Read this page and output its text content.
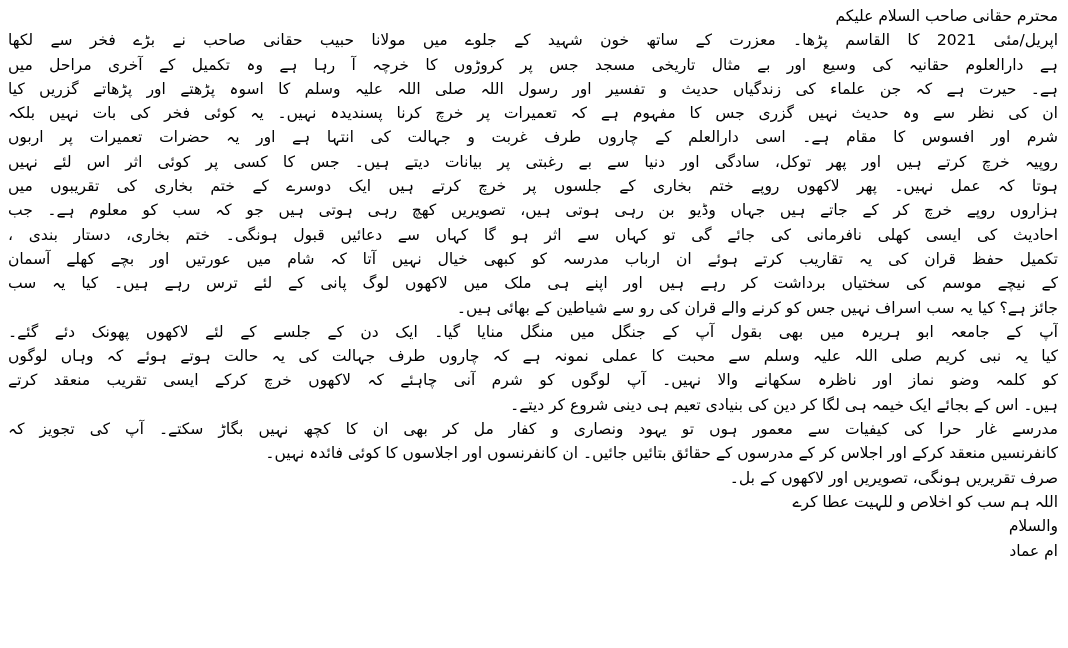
محترم حقانی صاحب السلام علیکم
اپریل/مئی 2021 کا القاسم پڑھا۔ معزرت کے ساتھ خون شہید کے جلوے میں مولانا حبیب حقانی صاحب نے بڑے فخر سے لکھا
ہے دارالعلوم حقانیہ کی وسیع اور بے مثال تاریخی مسجد جس پر کروڑوں کا خرچہ آ رہا ہے وہ تکمیل کے آخری مراحل میں
ہے۔ حیرت ہے کہ جن علماء کی زندگیاں حدیث و تفسیر اور رسول اللہ صلی اللہ علیہ وسلم کا اسوہ پڑھتے اور پڑھاتے گزریں کیا
ان کی نظر سے وہ حدیث نہیں گزری جس کا مفہوم ہے کہ تعمیرات پر خرچ کرنا پسندیدہ نہیں۔ یہ کوئی فخر کی بات نہیں بلکہ
شرم اور افسوس کا مقام ہے۔ اسی دارالعلم کے چاروں طرف غربت و جہالت کی انتہا ہے اور یہ حضرات تعمیرات پر اربوں
روپیہ خرچ کرتے ہیں اور پھر توکل، سادگی اور دنیا سے بے رغبتی پر بیانات دیتے ہیں۔ جس کا کسی پر کوئی اثر اس لئے نہیں
ہوتا کہ عمل نہیں۔ پھر لاکھوں روپے ختم بخاری کے جلسوں پر خرچ کرتے ہیں ایک دوسرے کے ختم بخاری کی تقریبوں میں
ہزاروں روپے خرچ کر کے جاتے ہیں جہاں وڈیو بن رہی ہوتی ہیں، تصویریں کھچ رہی ہوتی ہیں جو کہ سب کو معلوم ہے۔ جب
احادیث کی ایسی کھلی نافرمانی کی جائے گی تو کہاں سے اثر ہو گا کہاں سے دعائیں قبول ہونگی۔ ختم بخاری، دستار بندی ،
تکمیل حفظ قران کی یہ تقاریب کرتے ہوئے ان ارباب مدرسہ کو کبھی خیال نہیں آتا کہ شام میں عورتیں اور بچے کھلے آسمان
کے نیچے موسم کی سختیاں برداشت کر رہے ہیں اور اپنے ہی ملک میں لاکھوں لوگ پانی کے لئے ترس رہے ہیں۔ کیا یہ سب
جائز ہے؟ کیا یہ سب اسراف نہیں جس کو کرنے والے قران کی رو سے شیاطین کے بھائی ہیں۔
آپ کے جامعہ ابو ہریرہ میں بھی بقول آپ کے جنگل میں منگل منایا گیا۔ ایک دن کے جلسے کے لئے لاکھوں پھونک دئے گئے۔
کیا یہ نبی کریم صلی اللہ علیہ وسلم سے محبت کا عملی نمونہ ہے کہ چاروں طرف جہالت کی یہ حالت ہوتے ہوئے کہ وہاں لوگوں
کو کلمہ وضو نماز اور ناظرہ سکھانے والا نہیں۔ آپ لوگوں کو شرم آنی چاہئے کہ لاکھوں خرچ کرکے ایسی تقریب منعقد کرتے
ہیں۔ اس کے بجائے ایک خیمہ ہی لگا کر دین کی بنیادی تعیم ہی دینی شروع کر دیتے۔
مدرسے غار حرا کی کیفیات سے معمور ہوں تو یہود ونصاری و کفار مل کر بھی ان کا کچھ نہیں بگاڑ سکتے۔ آپ کی تجویز کہ
کانفرنسیں منعقد کرکے اور اجلاس کر کے مدرسوں کے حقائق بتائیں جائیں۔ ان کانفرنسوں اور اجلاسوں کا کوئی فائدہ نہیں۔
صرف تقریریں ہونگی، تصویریں اور لاکھوں کے بل۔
اللہ ہم سب کو اخلاص و للہیت عطا کرے
والسلام
ام عماد
